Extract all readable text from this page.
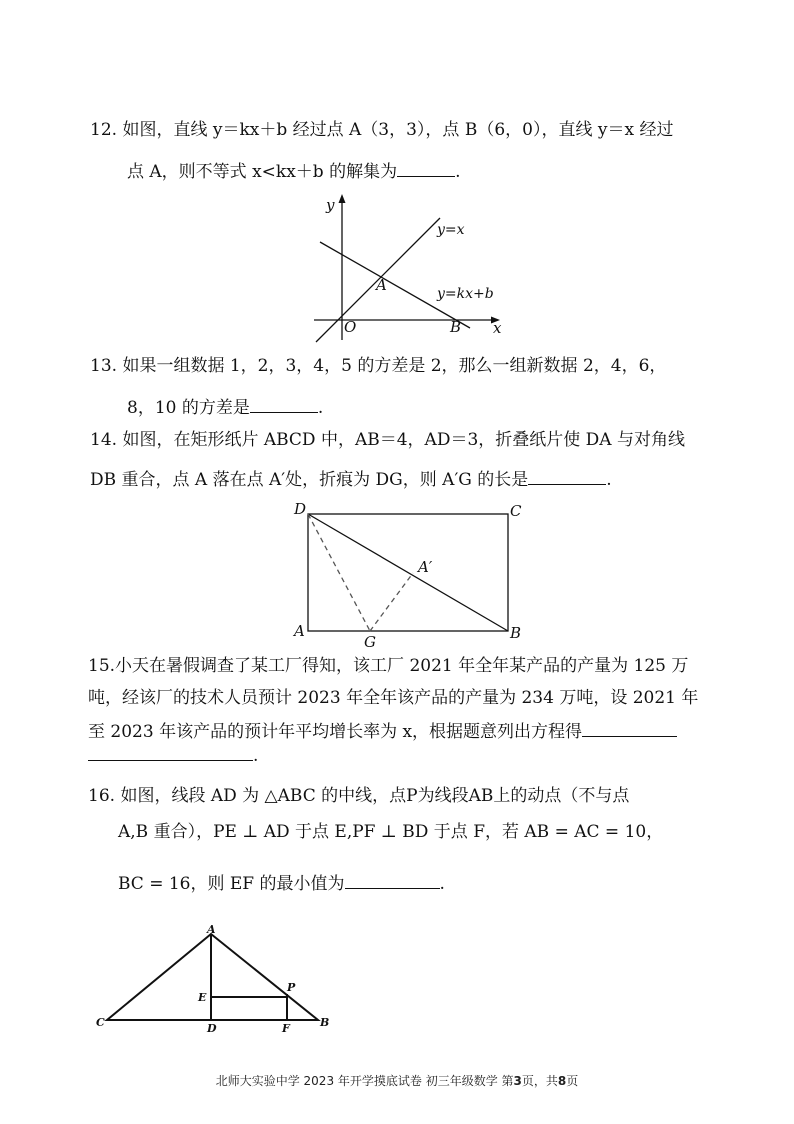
12. 如图，直线 y＝kx＋b 经过点 A（3，3），点 B（6，0），直线 y＝x 经过
点 A，则不等式 x<kx＋b 的解集为	.
y
x
O
A
B
y=x
y=kx+b
13. 如果一组数据 1，2，3，4，5 的方差是 2，那么一组新数据 2，4，6，
8，10 的方差是	.
14. 如图，在矩形纸片 ABCD 中，AB＝4，AD＝3，折叠纸片使 DA 与对角线
DB 重合，点 A 落在点 A′处，折痕为 DG，则 A′G 的长是	.
D	C
A	B
G
A′
15.小天在暑假调查了某工厂得知，该工厂 2021 年全年某产品的产量为 125 万
吨，经该厂的技术人员预计 2023 年全年该产品的产量为 234 万吨，设 2021 年
至 2023 年该产品的预计年平均增长率为 x，根据题意列出方程得
.
16. 如图，线段 AD 为 △ABC 的中线，点P为线段AB上的动点（不与点
A,B 重合），PE ⊥ AD 于点 E,PF ⊥ BD 于点 F，若 AB = AC = 10，
BC = 16，则 EF 的最小值为	.
A
C	B
D
E
F
P
北师大实验中学 2023 年开学摸底试卷 初三年级数学 第3页，共8页
